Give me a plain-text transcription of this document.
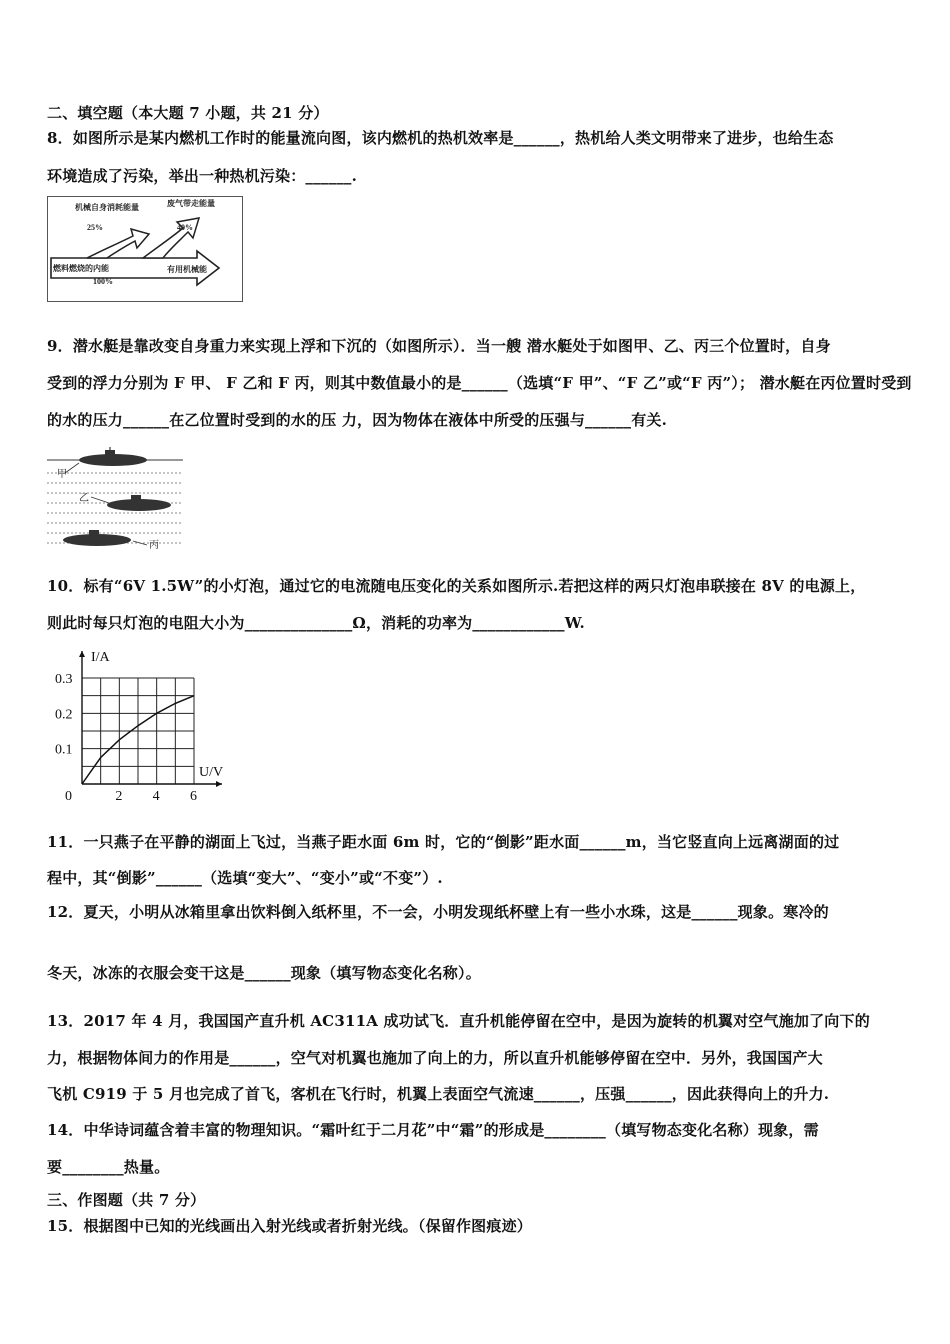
二、填空题（本大题 7 小题，共 21 分）
8．如图所示是某内燃机工作时的能量流向图，该内燃机的热机效率是______，热机给人类文明带来了进步，也给生态
环境造成了污染，举出一种热机污染：______.
机械自身消耗能量
25%
废气带走能量
40%
燃料燃烧的内能
100%
有用机械能
9．潜水艇是靠改变自身重力来实现上浮和下沉的（如图所示）．当一艘 潜水艇处于如图甲、乙、丙三个位置时，自身
受到的浮力分别为 F 甲、 F 乙和 F 丙，则其中数值最小的是______（选填“F 甲”、“F 乙”或“F 丙”）； 潜水艇在丙位置时受到
的水的压力______在乙位置时受到的水的压 力，因为物体在液体中所受的压强与______有关.
甲
乙
丙
10．标有“6V 1.5W”的小灯泡，通过它的电流随电压变化的关系如图所示.若把这样的两只灯泡串联接在 8V 的电源上，
则此时每只灯泡的电阻大小为______________Ω，消耗的功率为____________W.
0	2 4 6
0.1
0.2
0.3
I/A
U/V
11．一只燕子在平静的湖面上飞过，当燕子距水面 6m 时，它的“倒影”距水面______m，当它竖直向上远离湖面的过
程中，其“倒影”______（选填“变大”、“变小”或“不变”）.
12．夏天，小明从冰箱里拿出饮料倒入纸杯里，不一会，小明发现纸杯壁上有一些小水珠，这是______现象。寒冷的
冬天，冰冻的衣服会变干这是______现象（填写物态变化名称）。
13．2017 年 4 月，我国国产直升机 AC311A 成功试飞．直升机能停留在空中，是因为旋转的机翼对空气施加了向下的
力，根据物体间力的作用是______，空气对机翼也施加了向上的力，所以直升机能够停留在空中．另外，我国国产大
飞机 C919 于 5 月也完成了首飞，客机在飞行时，机翼上表面空气流速______，压强______，因此获得向上的升力.
14．中华诗词蕴含着丰富的物理知识。“霜叶红于二月花”中“霜”的形成是________（填写物态变化名称）现象，需
要________热量。
三、作图题（共 7 分）
15．根据图中已知的光线画出入射光线或者折射光线。（保留作图痕迹）
